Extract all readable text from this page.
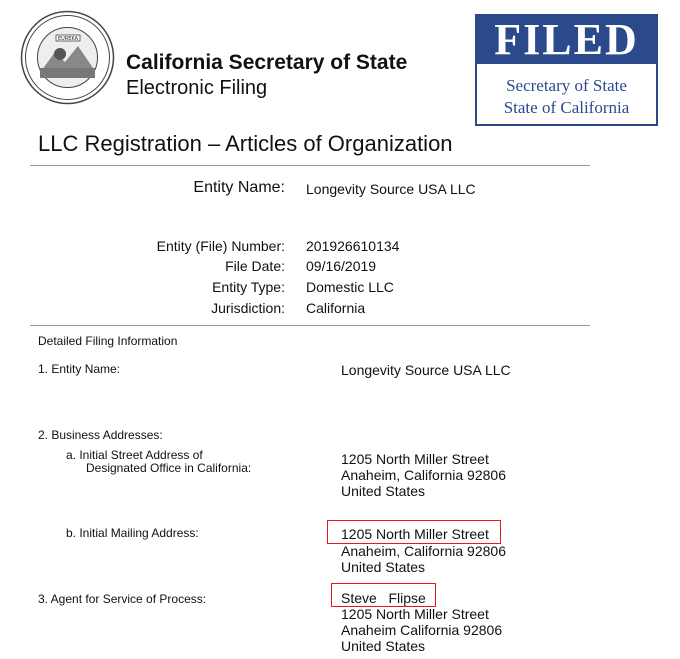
EUREKA
California Secretary of State
Electronic Filing
FILED
Secretary of State
State of California
LLC Registration – Articles of Organization
Entity Name: Longevity Source USA LLC
Entity (File) Number: 201926610134
File Date: 09/16/2019
Entity Type: Domestic LLC
Jurisdiction: California
Detailed Filing Information
1. Entity Name:	Longevity Source USA LLC
2. Business Addresses:
a. Initial Street Address of
Designated Office in California:
1205 North Miller Street
Anaheim, California 92806
United States
b. Initial Mailing Address:	1205 North Miller Street
Anaheim, California 92806
United States
3. Agent for Service of Process:	Steve   Flipse
1205 North Miller Street
Anaheim California 92806
United States
